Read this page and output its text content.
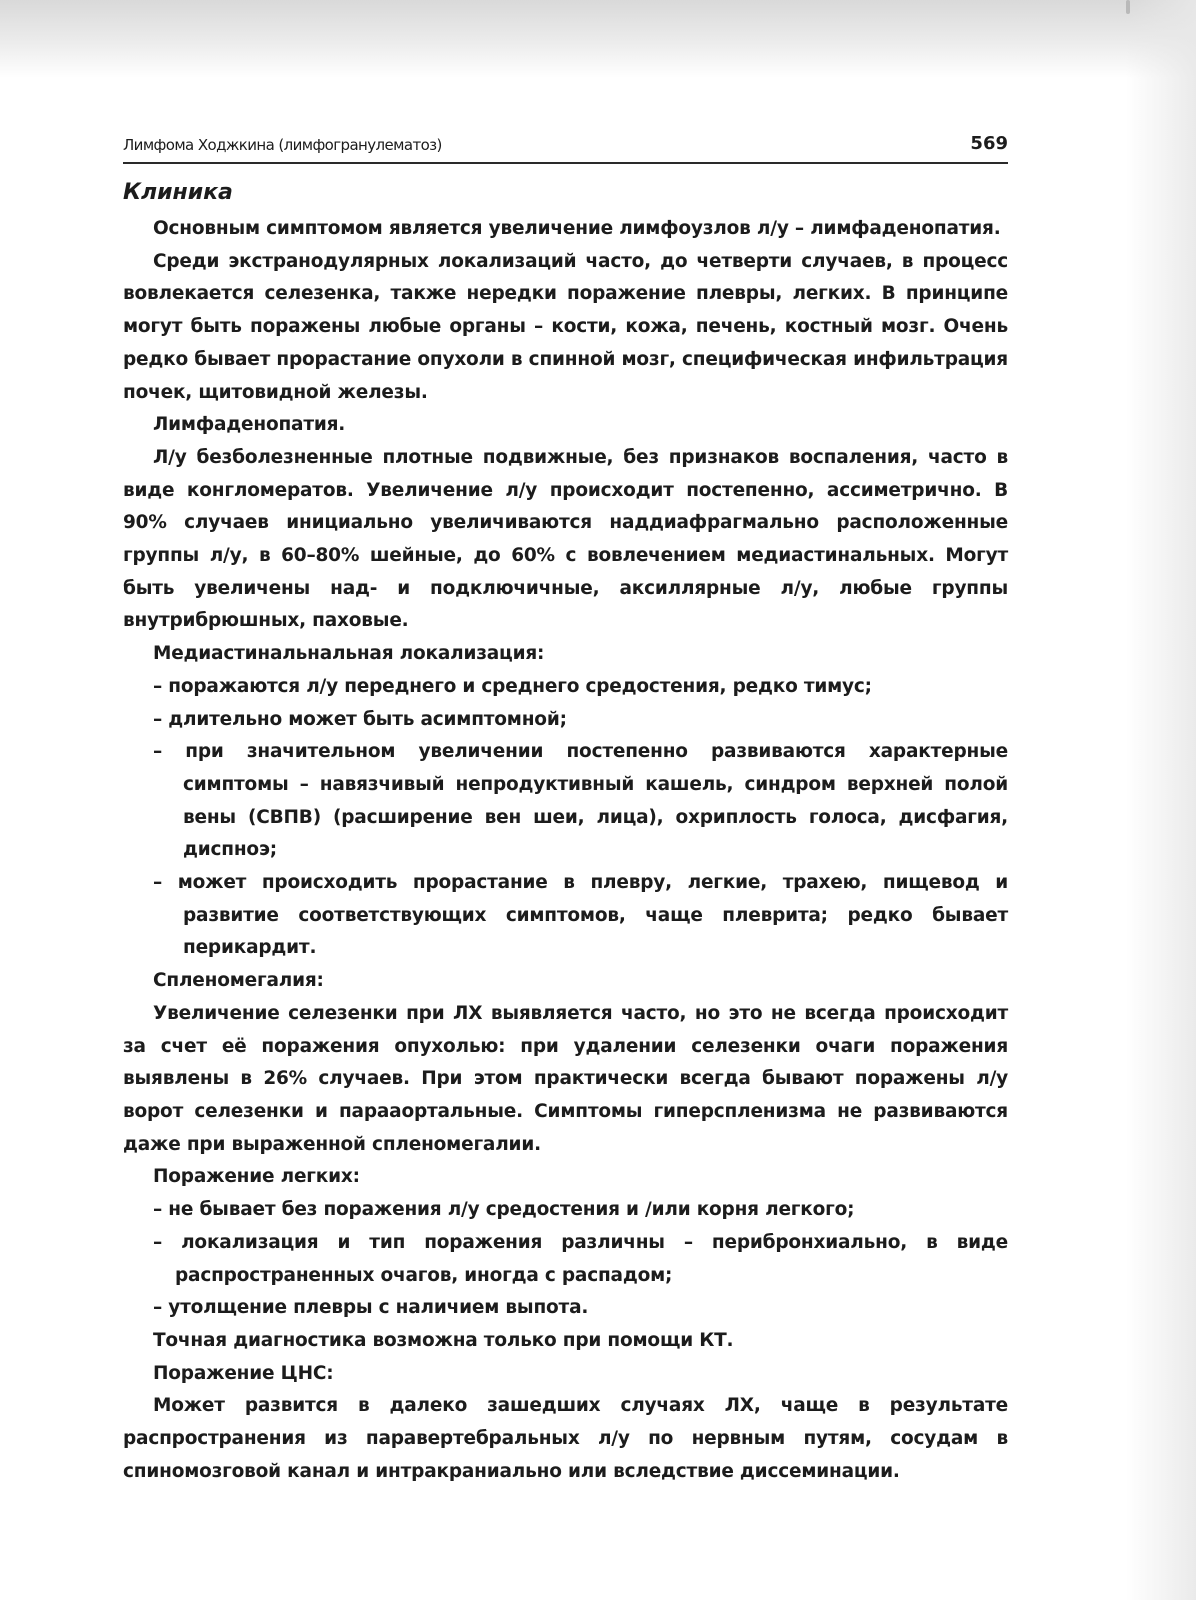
Лимфома Ходжкина (лимфогранулематоз)	569
Клиника

Основным симптомом является увеличение лимфоузлов л/у – лимфаденопатия.

Среди экстранодулярных локализаций часто, до четверти случаев, в процесс вовлекается селезенка, также нередки поражение плевры, легких. В принципе могут быть поражены любые органы – кости, кожа, печень, костный мозг. Очень редко бывает прорастание опухоли в спинной мозг, специфическая инфильтрация почек, щитовидной железы.

Лимфаденопатия.

Л/у безболезненные плотные подвижные, без признаков воспаления, часто в виде конгломератов. Увеличение л/у происходит постепенно, ассиметрично. В 90% случаев инициально увеличиваются наддиафрагмально расположенные группы л/у, в 60–80% шейные, до 60% с вовлечением медиастинальных. Могут быть увеличены над- и подключичные, аксиллярные л/у, любые группы внутрибрюшных, паховые.

Медиастинальнальная локализация:

– поражаются л/у переднего и среднего средостения, редко тимус;

– длительно может быть асимптомной;

– при значительном увеличении постепенно развиваются характерные симптомы – навязчивый непродуктивный кашель, синдром верхней полой вены (СВПВ) (расширение вен шеи, лица), охриплость голоса, дисфагия, диспноэ;

– может происходить прорастание в плевру, легкие, трахею, пищевод и развитие соответствующих симптомов, чаще плеврита; редко бывает перикардит.

Спленомегалия:

Увеличение селезенки при ЛХ выявляется часто, но это не всегда происходит за счет её поражения опухолью: при удалении селезенки очаги поражения выявлены в 26% случаев. При этом практически всегда бывают поражены л/у ворот селезенки и парааортальные. Симптомы гиперспленизма не развиваются даже при выраженной спленомегалии.

Поражение легких:

– не бывает без поражения л/у средостения и /или корня легкого;

– локализация и тип поражения различны – перибронхиально, в виде распространенных очагов, иногда с распадом;

– утолщение плевры с наличием выпота.

Точная диагностика возможна только при помощи КТ.

Поражение ЦНС:

Может развится в далеко зашедших случаях ЛХ, чаще в результате распространения из паравертебральных л/у по нервным путям, сосудам в спиномозговой канал и интракраниально или вследствие диссеминации.
